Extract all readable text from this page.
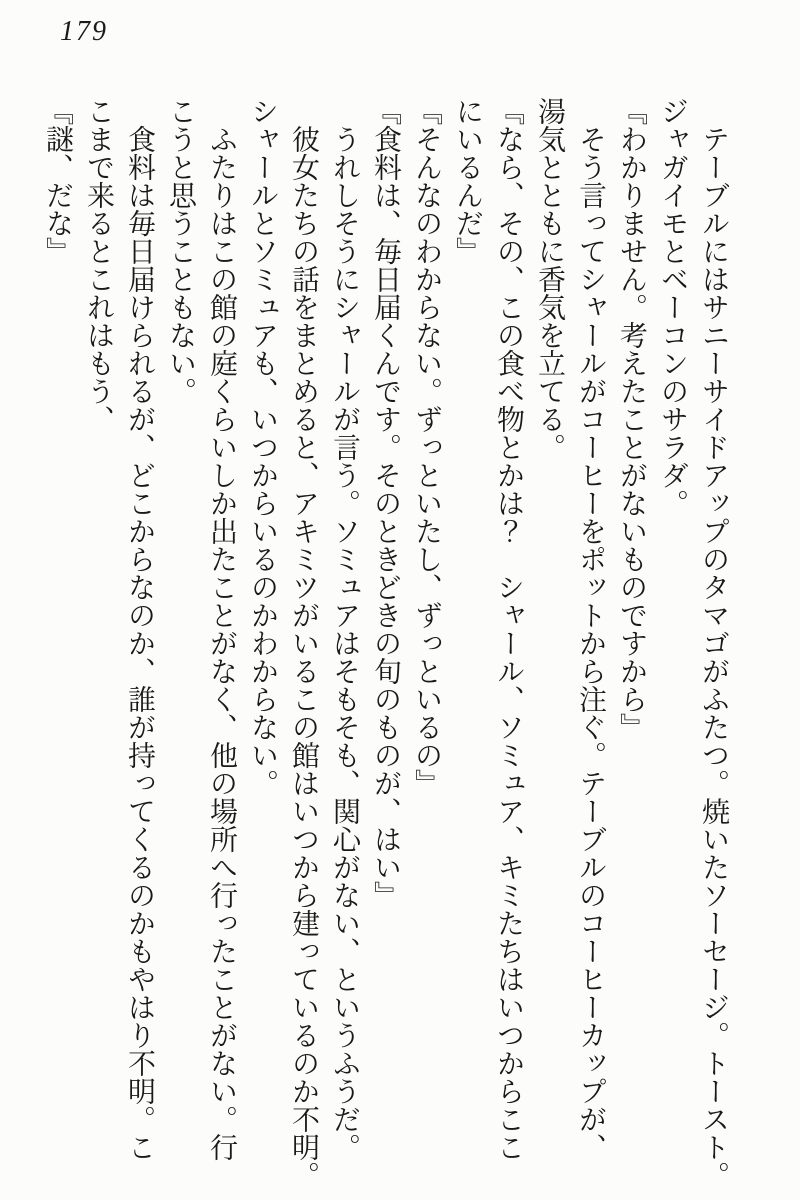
179
　テーブルにはサニーサイドアップのタマゴがふたつ。焼いたソーセージ。トースト。
ジャガイモとベーコンのサラダ。
『わかりません。考えたことがないものですから』
　そう言ってシャールがコーヒーをポットから注ぐ。テーブルのコーヒーカップが、
湯気とともに香気を立てる。
『なら、その、この食べ物とかは？　シャール、ソミュア、キミたちはいつからここ
にいるんだ』
『そんなのわからない。ずっといたし、ずっといるの』
『食料は、毎日届くんです。そのときどきの旬のものが、はい』
　うれしそうにシャールが言う。ソミュアはそもそも、関心がない、というふうだ。
　彼女たちの話をまとめると、アキミツがいるこの館はいつから建っているのか不明。
シャールとソミュアも、いつからいるのかわからない。
　ふたりはこの館の庭くらいしか出たことがなく、他の場所へ行ったことがない。行
こうと思うこともない。
　食料は毎日届けられるが、どこからなのか、誰が持ってくるのかもやはり不明。こ
こまで来るとこれはもう、
『謎、だな』
